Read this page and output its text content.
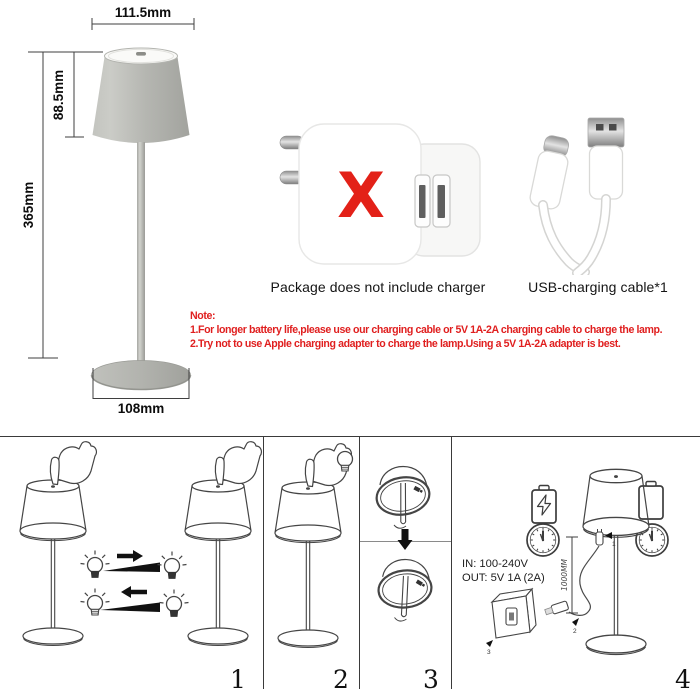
111.5mm
88.5mm
365mm
108mm
X
Package does not include charger	USB-charging cable*1
Note:
1.For longer battery life,please use our charging cable or 5V 1A-2A charging cable to charge the lamp.
2.Try not to use Apple charging adapter to charge the lamp.Using a 5V 1A-2A adapter is best.
1	2	3
1
2
3
1000MM
IN: 100-240V
OUT: 5V 1A (2A)
4
